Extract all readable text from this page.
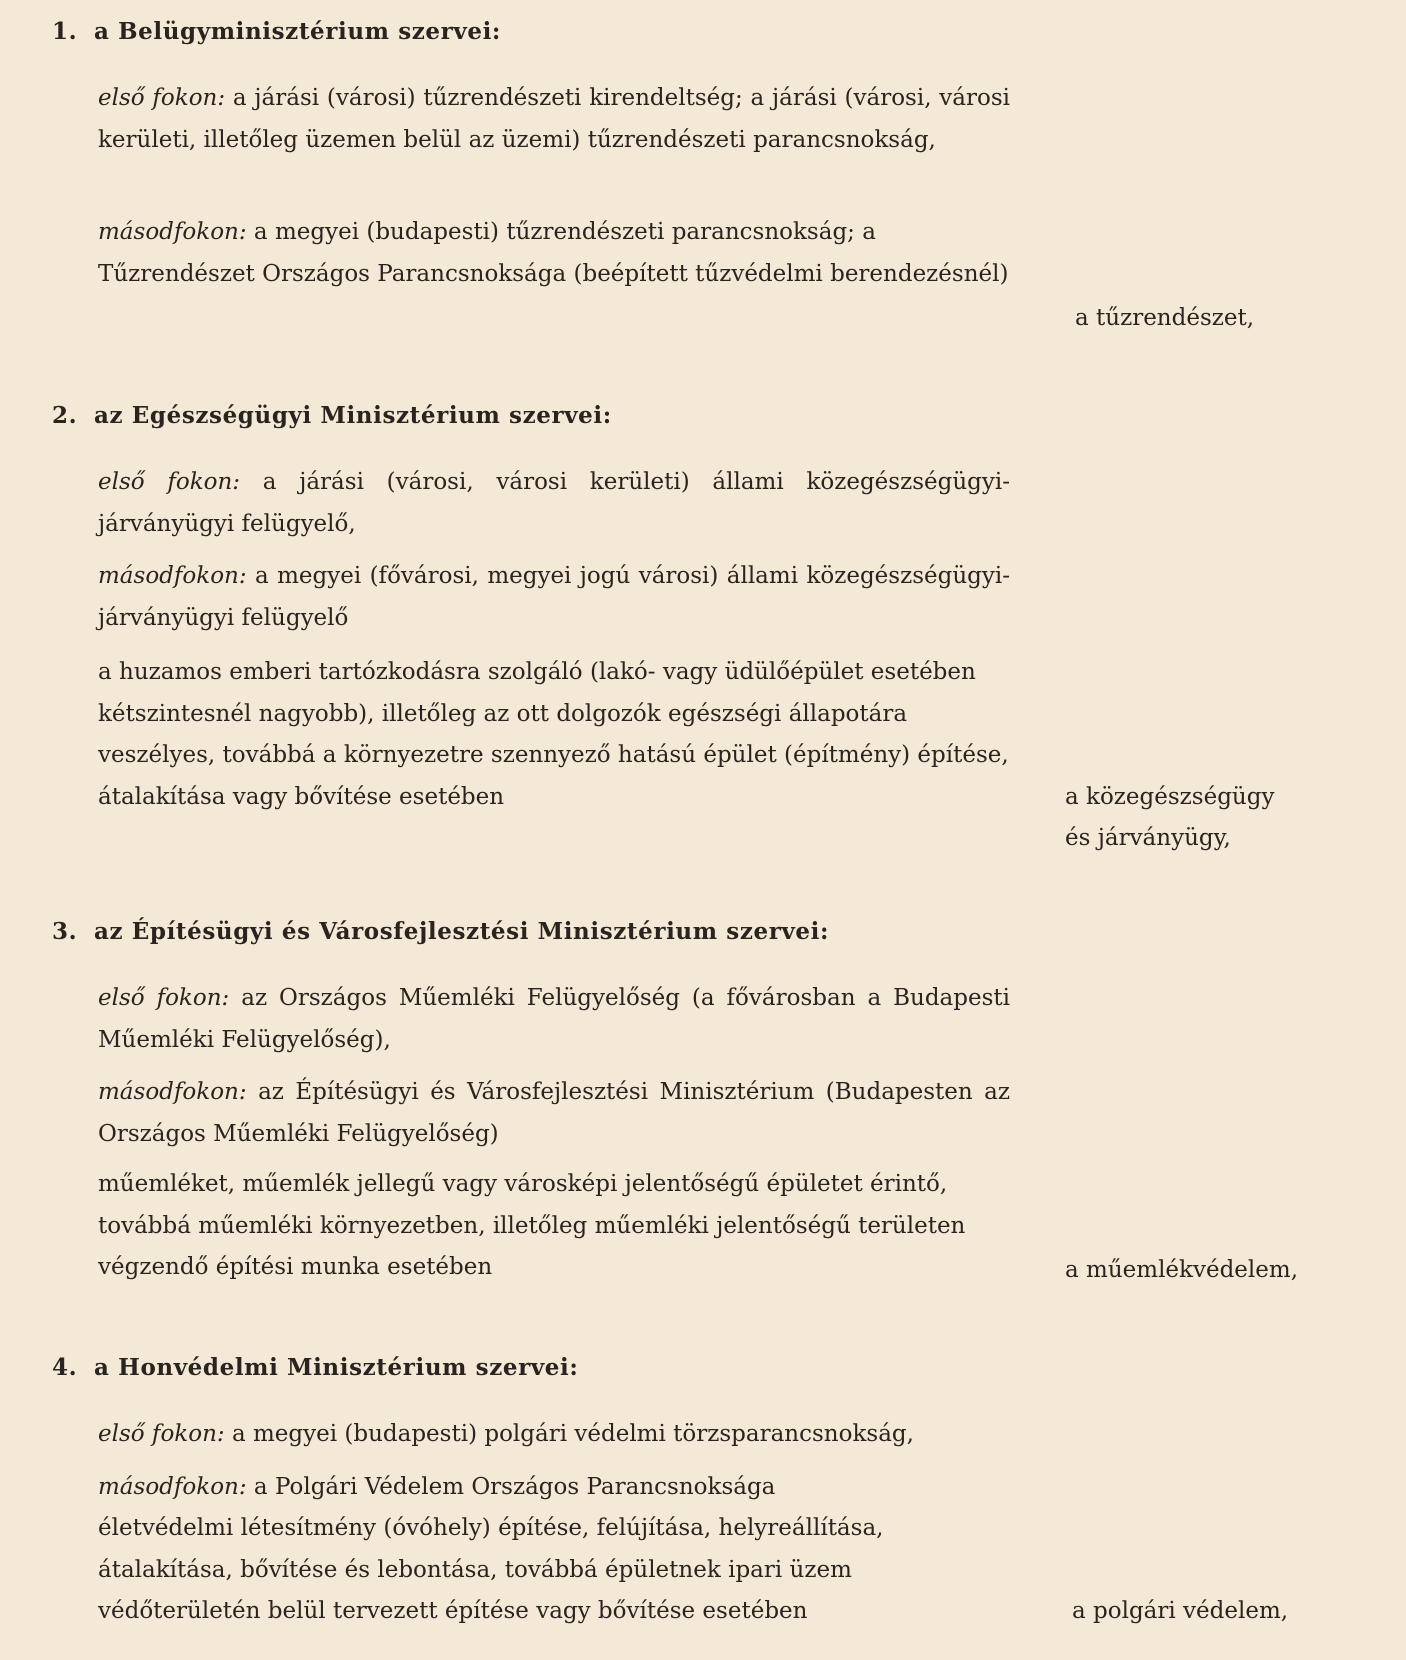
1. a Belügyminisztérium szervei:
első fokon: a járási (városi) tűzrendészeti kirendeltség; a járási (városi, városi kerületi, illetőleg üzemen belül az üzemi) tűzrendészeti parancsnokság,
másodfokon: a megyei (budapesti) tűzrendészeti parancsnokság; a Tűzrendészet Országos Parancsnoksága (beépített tűzvédelmi berendezésnél)
a tűzrendészet,
2. az Egészségügyi Minisztérium szervei:
első fokon: a járási (városi, városi kerületi) állami közegészségügyi-járványügyi felügyelő,
másodfokon: a megyei (fővárosi, megyei jogú városi) állami közegészségügyi-járványügyi felügyelő
a huzamos emberi tartózkodásra szolgáló (lakó- vagy üdülőépület esetében kétszintesnél nagyobb), illetőleg az ott dolgozók egészségi állapotára veszélyes, továbbá a környezetre szennyező hatású épület (építmény) építése, átalakítása vagy bővítése esetében	a közegészségügy
és járványügy,
3. az Építésügyi és Városfejlesztési Minisztérium szervei:
első fokon: az Országos Műemléki Felügyelőség (a fővárosban a Budapesti Műemléki Felügyelőség),
másodfokon: az Építésügyi és Városfejlesztési Minisztérium (Budapesten az Országos Műemléki Felügyelőség)
műemléket, műemlék jellegű vagy városképi jelentőségű épületet érintő, továbbá műemléki környezetben, illetőleg műemléki jelentőségű területen végzendő építési munka esetében	a műemlékvédelem,
4. a Honvédelmi Minisztérium szervei:
első fokon: a megyei (budapesti) polgári védelmi törzsparancsnokság,
másodfokon: a Polgári Védelem Országos Parancsnoksága
életvédelmi létesítmény (óvóhely) építése, felújítása, helyreállítása, átalakítása, bővítése és lebontása, továbbá épületnek ipari üzem védőterületén belül tervezett építése vagy bővítése esetében	a polgári védelem,
